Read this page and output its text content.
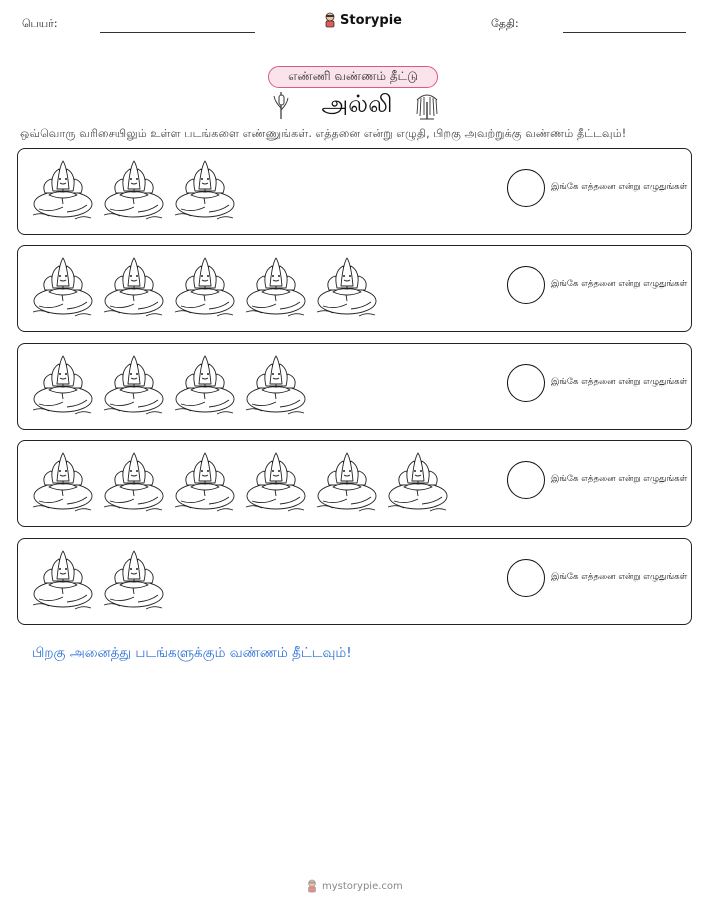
பெயர்:	Storypie	தேதி:
எண்ணி வண்ணம் தீட்டு
அல்லி
ஒவ்வொரு வரிசையிலும் உள்ள படங்களை எண்ணுங்கள். எத்தனை என்று எழுதி, பிறகு அவற்றுக்கு வண்ணம் தீட்டவும்!
இங்கே எத்தனை என்று எழுதுங்கள்
இங்கே எத்தனை என்று எழுதுங்கள்
இங்கே எத்தனை என்று எழுதுங்கள்
இங்கே எத்தனை என்று எழுதுங்கள்
இங்கே எத்தனை என்று எழுதுங்கள்
பிறகு அனைத்து படங்களுக்கும் வண்ணம் தீட்டவும்!
mystorypie.com
